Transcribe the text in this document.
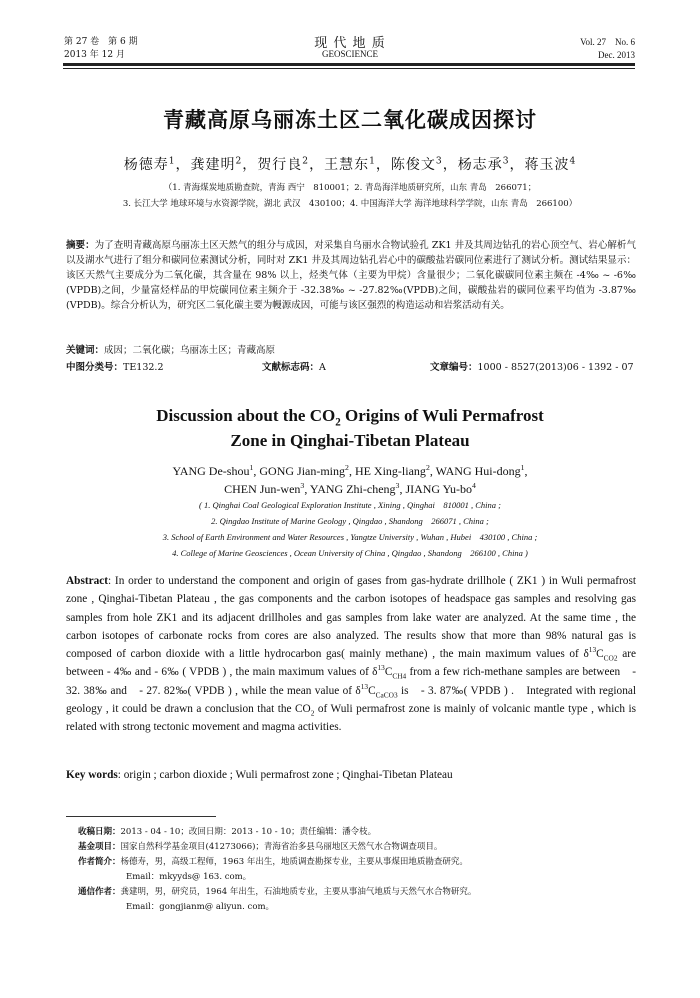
第 27 卷　第 6 期
2013 年 12 月
现 代 地 质
GEOSCIENCE
Vol. 27　No. 6
Dec. 2013
青藏高原乌丽冻土区二氧化碳成因探讨
杨德寿$^1$，龚建明$^2$，贺行良$^2$，王慧东$^1$，陈俊文$^3$，杨志承$^3$，蒋玉波$^4$
（1. 青海煤炭地质勘查院，青海 西宁　810001；2. 青岛海洋地质研究所，山东 青岛　266071；
3. 长江大学 地球环境与水资源学院，湖北 武汉　430100；4. 中国海洋大学 海洋地球科学学院，山东 青岛　266100）
摘要：为了查明青藏高原乌丽冻土区天然气的组分与成因，对采集自乌丽水合物试验孔 ZK1 井及其周边钻孔的岩心顶空气、岩心解析气以及湖水气进行了组分和碳同位素测试分析，同时对 ZK1 井及其周边钻孔岩心中的碳酸盐岩碳同位素进行了测试分析。测试结果显示：该区天然气主要成分为二氧化碳，其含量在 98% 以上，烃类气体（主要为甲烷）含量很少；二氧化碳碳同位素主频在 -4‰ ~ -6‰(VPDB)之间，少量富烃样品的甲烷碳同位素主频介于 -32.38‰ ~ -27.82‰(VPDB)之间，碳酸盐岩的碳同位素平均值为 -3.87‰(VPDB)。综合分析认为，研究区二氧化碳主要为幔源成因，可能与该区强烈的构造运动和岩浆活动有关。
关键词：成因；二氧化碳；乌丽冻土区；青藏高原
中图分类号：TE132.2	文献标志码：A	文章编号：1000 - 8527(2013)06 - 1392 - 07
Discussion about the $CO_2$ Origins of Wuli Permafrost
Zone in Qinghai-Tibetan Plateau
YANG De-shou$^1$, GONG Jian-ming$^2$, HE Xing-liang$^2$, WANG Hui-dong$^1$,
CHEN Jun-wen$^3$, YANG Zhi-cheng$^3$, JIANG $Yu-bo^4$
( 1. Qinghai Coal Geological Exploration Institute , Xining , Qinghai　810001 , China ;
2. Qingdao Institute of Marine Geology , Qingdao , Shandong　266071 , China ;
3. School of Earth Environment and Water Resources , Yangtze University , Wuhan , Hubei　430100 , China ;
4. College of Marine Geosciences , Ocean University of China , Qingdao , Shandong　266100 , China )
Abstract: In order to understand the component and origin of gases from gas-hydrate drillhole ( ZK1 ) in Wuli permafrost zone , Qinghai-Tibetan Plateau , the gas components and the carbon isotopes of headspace gas samples and resolving gas samples from hole ZK1 and its adjacent drillholes and gas samples from lake water are analyzed. At the same time , the carbon isotopes of carbonate rocks from cores are also analyzed. The results show that more than 98% natural gas is composed of carbon dioxide with a little hydrocarbon gas( mainly methane) , the main maximum values of $\delta^{13}C_{CO2}$ are between - 4‰ and - 6‰ ( VPDB ) , the main maximum values of $\delta^{13}C_{CH4}$ from a few rich-methane samples are between　- 32. 38‰ and　- 27. 82‰( VPDB ) , while the mean value of $\delta^{13}C_{CaCO3}$ is　- 3. 87‰( VPDB ) .　Integrated with regional geology , it could be drawn a conclusion that the $CO_2$ of Wuli permafrost zone is mainly of volcanic mantle type , which is related with strong tectonic movement and magma activities.
Key words: origin ; carbon dioxide ; Wuli permafrost zone ; Qinghai-Tibetan Plateau
收稿日期：2013 - 04 - 10；改回日期：2013 - 10 - 10；责任编辑：潘令枝。
基金项目：国家自然科学基金项目(41273066)；青海省治多县乌丽地区天然气水合物调查项目。
作者简介：杨德寿，男，高级工程师，1963 年出生，地质调查勘探专业，主要从事煤田地质勘查研究。
Email：mkyyds@ 163. com。
通信作者：龚建明，男，研究员，1964 年出生，石油地质专业，主要从事油气地质与天然气水合物研究。
Email：gongjianm@ aliyun. com。
